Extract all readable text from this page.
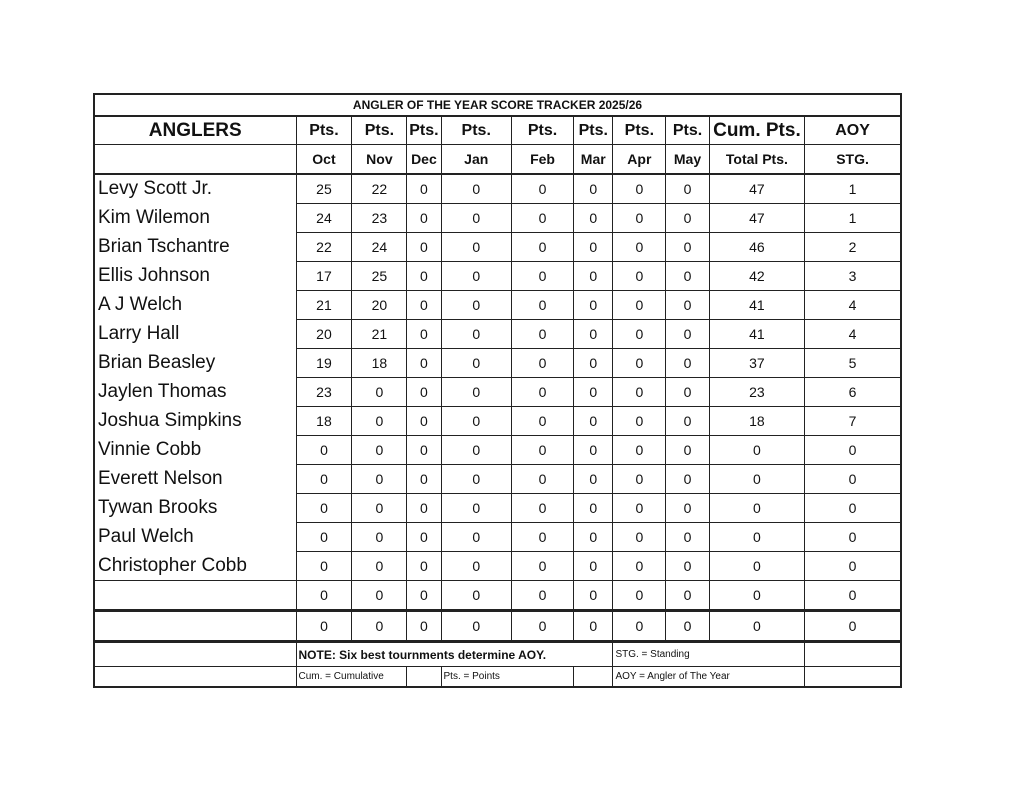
ANGLER OF THE YEAR SCORE TRACKER 2025/26										
ANGLERS	Pts.	Pts.	Pts.	Pts.	Pts.	Pts.	Pts.	Pts.	Cum. Pts.	AOY
	Oct	Nov	Dec	Jan	Feb	Mar	Apr	May	Total Pts.	STG.
Levy Scott Jr.	25	22	0	0	0	0	0	0	47	1
Kim Wilemon	24	23	0	0	0	0	0	0	47	1
Brian Tschantre	22	24	0	0	0	0	0	0	46	2
Ellis Johnson	17	25	0	0	0	0	0	0	42	3
A J Welch	21	20	0	0	0	0	0	0	41	4
Larry Hall	20	21	0	0	0	0	0	0	41	4
Brian Beasley	19	18	0	0	0	0	0	0	37	5
Jaylen Thomas	23	0	0	0	0	0	0	0	23	6
Joshua Simpkins	18	0	0	0	0	0	0	0	18	7
Vinnie Cobb	0	0	0	0	0	0	0	0	0	0
Everett Nelson	0	0	0	0	0	0	0	0	0	0
Tywan Brooks	0	0	0	0	0	0	0	0	0	0
Paul Welch	0	0	0	0	0	0	0	0	0	0
Christopher Cobb	0	0	0	0	0	0	0	0	0	0
	0	0	0	0	0	0	0	0	0	0
	0	0	0	0	0	0	0	0	0	0
	NOTE: Six best tournments determine AOY.						STG. = Standing			
	Cum. = Cumulative			Pts. = Points			AOY = Angler of The Year			
